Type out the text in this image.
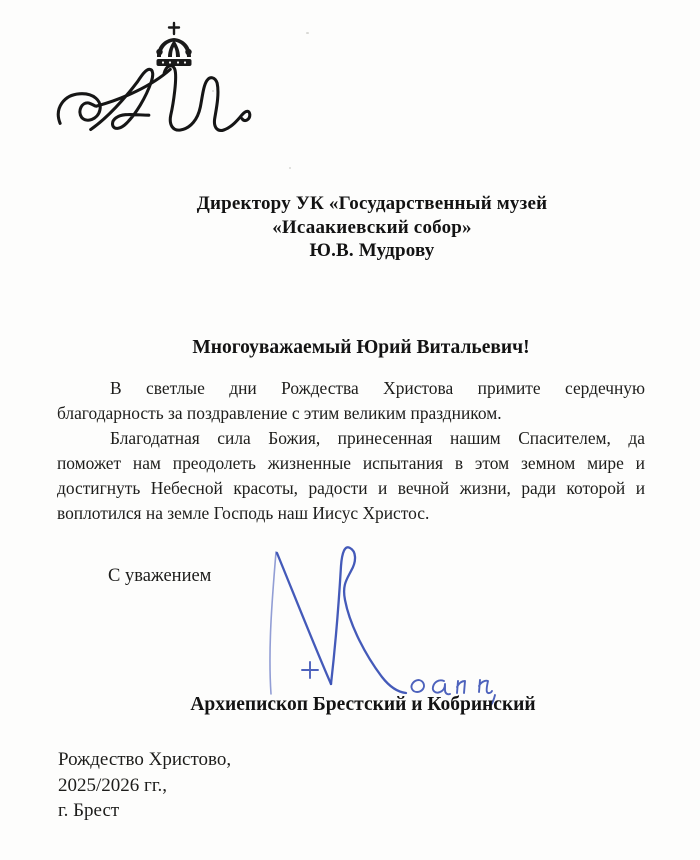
Директору УК «Государственный музей
«Исаакиевский собор»
Ю.В. Мудрову
Многоуважаемый Юрий Витальевич!
В светлые дни Рождества Христова примите сердечную
благодарность за поздравление с этим великим праздником.
Благодатная сила Божия, принесенная нашим Спасителем, да
поможет нам преодолеть жизненные испытания в этом земном мире и
достигнуть Небесной красоты, радости и вечной жизни, ради которой и
воплотился на земле Господь наш Иисус Христос.
С уважением
Архиепископ Брестский и Кобринский
Рождество Христово,
2025/2026 гг.,
г. Брест
